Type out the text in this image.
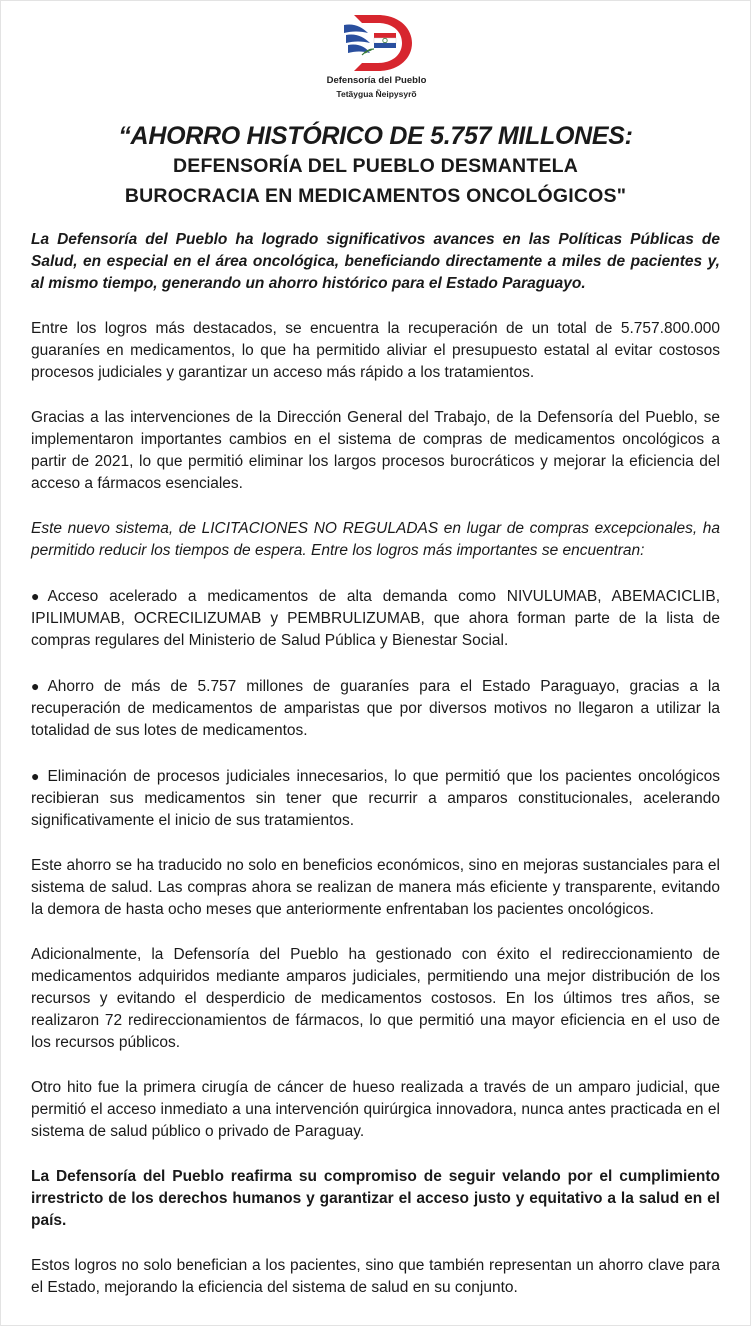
Defensoría del Pueblo
Tetãygua Ñeipysyrõ
“AHORRO HISTÓRICO DE 5.757 MILLONES:
DEFENSORÍA DEL PUEBLO DESMANTELA
BUROCRACIA EN MEDICAMENTOS ONCOLÓGICOS"

La Defensoría del Pueblo ha logrado significativos avances en las Políticas Públicas de Salud, en especial en el área oncológica, beneficiando directamente a miles de pacientes y, al mismo tiempo, generando un ahorro histórico para el Estado Paraguayo.

Entre los logros más destacados, se encuentra la recuperación de un total de 5.757.800.000 guaraníes en medicamentos, lo que ha permitido aliviar el presupuesto estatal al evitar costosos procesos judiciales y garantizar un acceso más rápido a los tratamientos.

Gracias a las intervenciones de la Dirección General del Trabajo, de la Defensoría del Pueblo, se implementaron importantes cambios en el sistema de compras de medicamentos oncológicos a partir de 2021, lo que permitió eliminar los largos procesos burocráticos y mejorar la eficiencia del acceso a fármacos esenciales.

Este nuevo sistema, de LICITACIONES NO REGULADAS en lugar de compras excepcionales, ha permitido reducir los tiempos de espera. Entre los logros más importantes se encuentran:

● Acceso acelerado a medicamentos de alta demanda como NIVULUMAB, ABEMACICLIB, IPILIMUMAB, OCRECILIZUMAB y PEMBRULIZUMAB, que ahora forman parte de la lista de compras regulares del Ministerio de Salud Pública y Bienestar Social.

● Ahorro de más de 5.757 millones de guaraníes para el Estado Paraguayo, gracias a la recuperación de medicamentos de amparistas que por diversos motivos no llegaron a utilizar la totalidad de sus lotes de medicamentos.

● Eliminación de procesos judiciales innecesarios, lo que permitió que los pacientes oncológicos recibieran sus medicamentos sin tener que recurrir a amparos constitucionales, acelerando significativamente el inicio de sus tratamientos.

Este ahorro se ha traducido no solo en beneficios económicos, sino en mejoras sustanciales para el sistema de salud. Las compras ahora se realizan de manera más eficiente y transparente, evitando la demora de hasta ocho meses que anteriormente enfrentaban los pacientes oncológicos.

Adicionalmente, la Defensoría del Pueblo ha gestionado con éxito el redireccionamiento de medicamentos adquiridos mediante amparos judiciales, permitiendo una mejor distribución de los recursos y evitando el desperdicio de medicamentos costosos. En los últimos tres años, se realizaron 72 redireccionamientos de fármacos, lo que permitió una mayor eficiencia en el uso de los recursos públicos.

Otro hito fue la primera cirugía de cáncer de hueso realizada a través de un amparo judicial, que permitió el acceso inmediato a una intervención quirúrgica innovadora, nunca antes practicada en el sistema de salud público o privado de Paraguay.

La Defensoría del Pueblo reafirma su compromiso de seguir velando por el cumplimiento irrestricto de los derechos humanos y garantizar el acceso justo y equitativo a la salud en el país.

Estos logros no solo benefician a los pacientes, sino que también representan un ahorro clave para el Estado, mejorando la eficiencia del sistema de salud en su conjunto.
